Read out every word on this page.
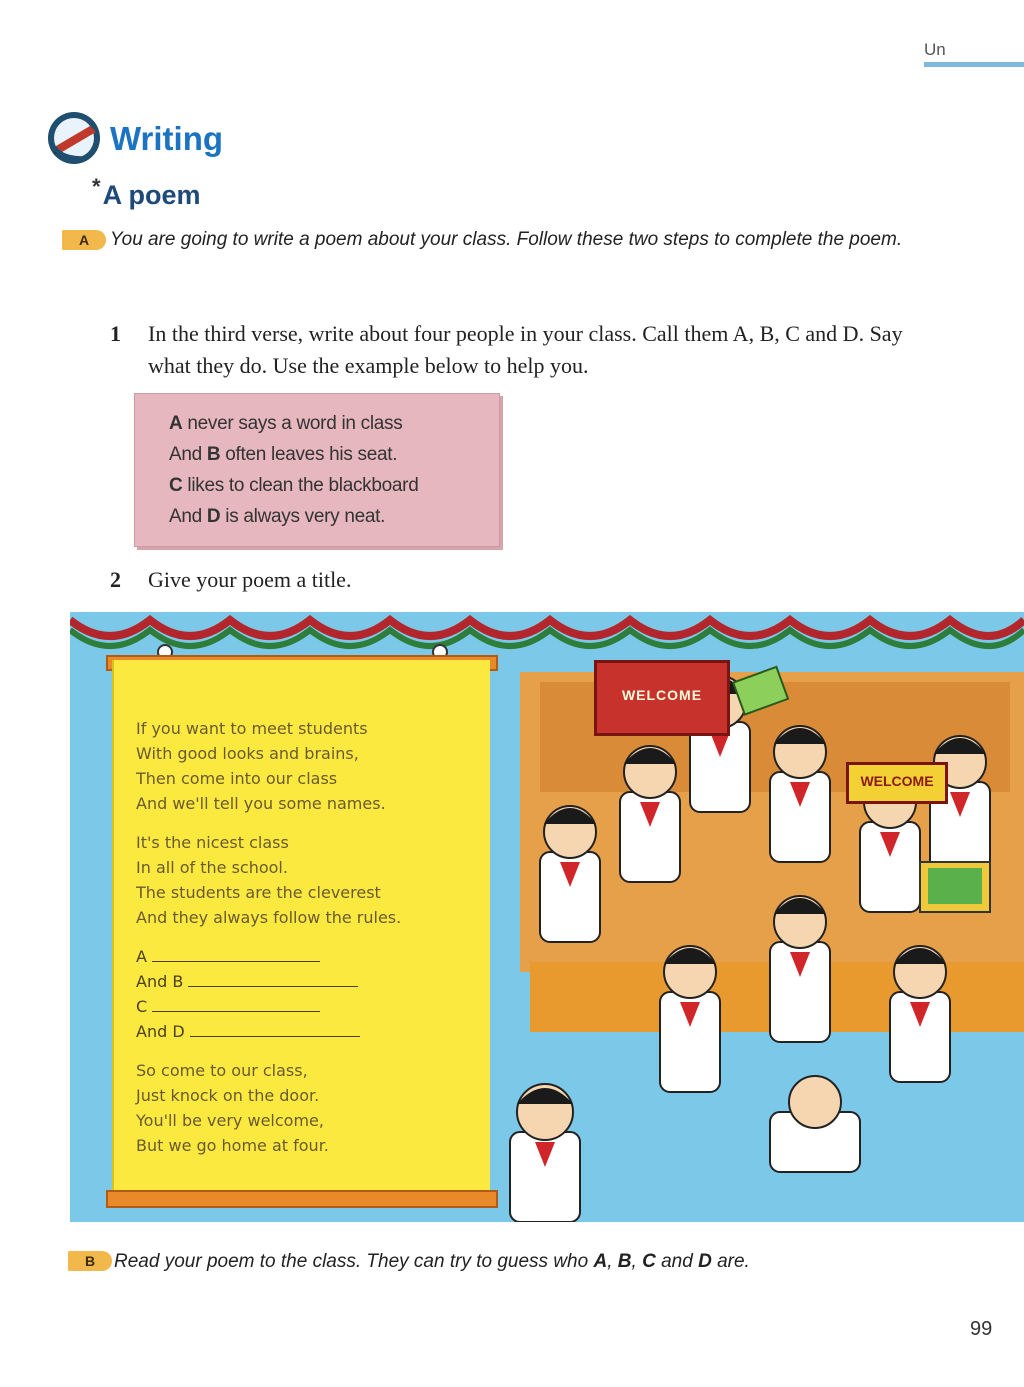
Un
Writing
*A poem
A	You are going to write a poem about your class. Follow these two steps to complete the poem.
1 In the third verse, write about four people in your class. Call them A, B, C and D. Say what they do. Use the example below to help you.
A never says a word in class
And B often leaves his seat.
C likes to clean the blackboard
And D is always very neat.
2 Give your poem a title.
WELCOME
WELCOME
If you want to meet students
With good looks and brains,
Then come into our class
And we'll tell you some names.
It's the nicest class
In all of the school.
The students are the cleverest
And they always follow the rules.
A
And B
C
And D
So come to our class,
Just knock on the door.
You'll be very welcome,
But we go home at four.
B Read your poem to the class. They can try to guess who A, B, C and D are.
99
